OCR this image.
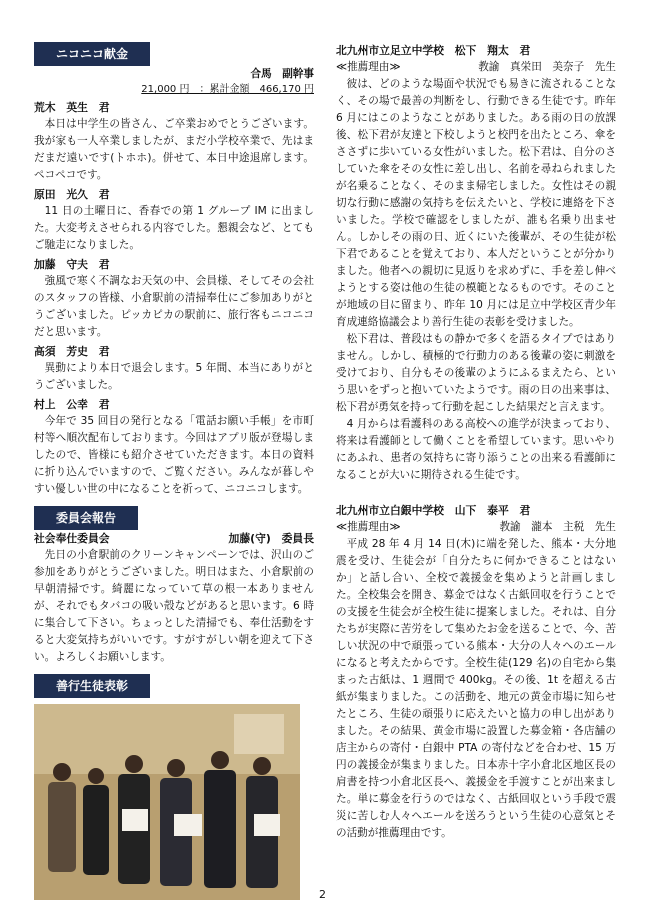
ニコニコ献金
合馬　副幹事
21,000 円　：累計金額　466,170 円
荒木　英生　君
本日は中学生の皆さん、ご卒業おめでとうございます。我が家も一人卒業しましたが、まだ小学校卒業で、先はまだまだ遠いです(トホホ)。併せて、本日中途退席します。ペコペコです。
原田　光久　君
11 日の土曜日に、香春での第 1 グループ IM に出ました。大変考えさせられる内容でした。懇親会など、とてもご馳走になりました。
加藤　守夫　君
強風で寒く不調なお天気の中、会員様、そしてその会社のスタッフの皆様、小倉駅前の清掃奉仕にご参加ありがとうございました。ピッカピカの駅前に、旅行客もニコニコだと思います。
高須　芳史　君
異動により本日で退会します。5 年間、本当にありがとうございました。
村上　公幸　君
今年で 35 回目の発行となる「電話お願い手帳」を市町村等へ順次配布しております。今回はアプリ版が登場しましたので、皆様にも紹介させていただきます。本日の資料に折り込んでいますので、ご覧ください。みんなが暮しやすい優しい世の中になることを祈って、ニコニコします。
委員会報告
社会奉仕委員会	加藤(守)　委員長
先日の小倉駅前のクリーンキャンペーンでは、沢山のご参加をありがとうございました。明日はまた、小倉駅前の早朝清掃です。綺麗になっていて草の根一本ありませんが、それでもタバコの吸い殻などがあると思います。6 時に集合して下さい。ちょっとした清掃でも、奉仕活動をすると大変気持ちがいいです。すがすがしい朝を迎えて下さい。よろしくお願いします。
善行生徒表彰
北九州市立足立中学校　松下　翔太　君
≪推薦理由≫	教諭　真栄田　美奈子　先生
彼は、どのような場面や状況でも易きに流されることなく、その場で最善の判断をし、行動できる生徒です。昨年 6 月にはこのようなことがありました。ある雨の日の放課後、松下君が友達と下校しようと校門を出たところ、傘をささずに歩いている女性がいました。松下君は、自分のさしていた傘をその女性に差し出し、名前を尋ねられましたが名乗ることなく、そのまま帰宅しました。女性はその親切な行動に感謝の気持ちを伝えたいと、学校に連絡を下さいました。学校で確認をしましたが、誰も名乗り出ません。しかしその雨の日、近くにいた後輩が、その生徒が松下君であることを覚えており、本人だということが分かりました。他者への親切に見返りを求めずに、手を差し伸べようとする姿は他の生徒の模範となるものです。そのことが地域の目に留まり、昨年 10 月には足立中学校区青少年育成連絡協議会より善行生徒の表彰を受けました。
松下君は、普段はもの静かで多くを語るタイプではありません。しかし、積極的で行動力のある後輩の姿に刺激を受けており、自分もその後輩のようにふるまえたら、という思いをずっと抱いていたようです。雨の日の出来事は、松下君が勇気を持って行動を起こした結果だと言えます。
4 月からは看護科のある高校への進学が決まっており、将来は看護師として働くことを希望しています。思いやりにあふれ、患者の気持ちに寄り添うことの出来る看護師になることが大いに期待される生徒です。
北九州市立白銀中学校　山下　泰平　君
≪推薦理由≫	教諭　瀧本　主税　先生
平成 28 年 4 月 14 日(木)に端を発した、熊本・大分地震を受け、生徒会が「自分たちに何かできることはないか」と話し合い、全校で義援金を集めようと計画しました。全校集会を開き、募金ではなく古紙回収を行うことでの支援を生徒会が全校生徒に提案しました。それは、自分たちが実際に苦労をして集めたお金を送ることで、今、苦しい状況の中で頑張っている熊本・大分の人々へのエールになると考えたからです。全校生徒(129 名)の自宅から集まった古紙は、1 週間で 400kg。その後、1t を超える古紙が集まりました。この活動を、地元の黄金市場に知らせたところ、生徒の頑張りに応えたいと協力の申し出がありました。その結果、黄金市場に設置した募金箱・各店舗の店主からの寄付・白銀中 PTA の寄付などを合わせ、15 万円の義援金が集まりました。日本赤十字小倉北区地区長の肩書を持つ小倉北区長へ、義援金を手渡すことが出来ました。単に募金を行うのではなく、古紙回収という手段で震災に苦しむ人々へエールを送ろうという生徒の心意気とその活動が推薦理由です。
2
